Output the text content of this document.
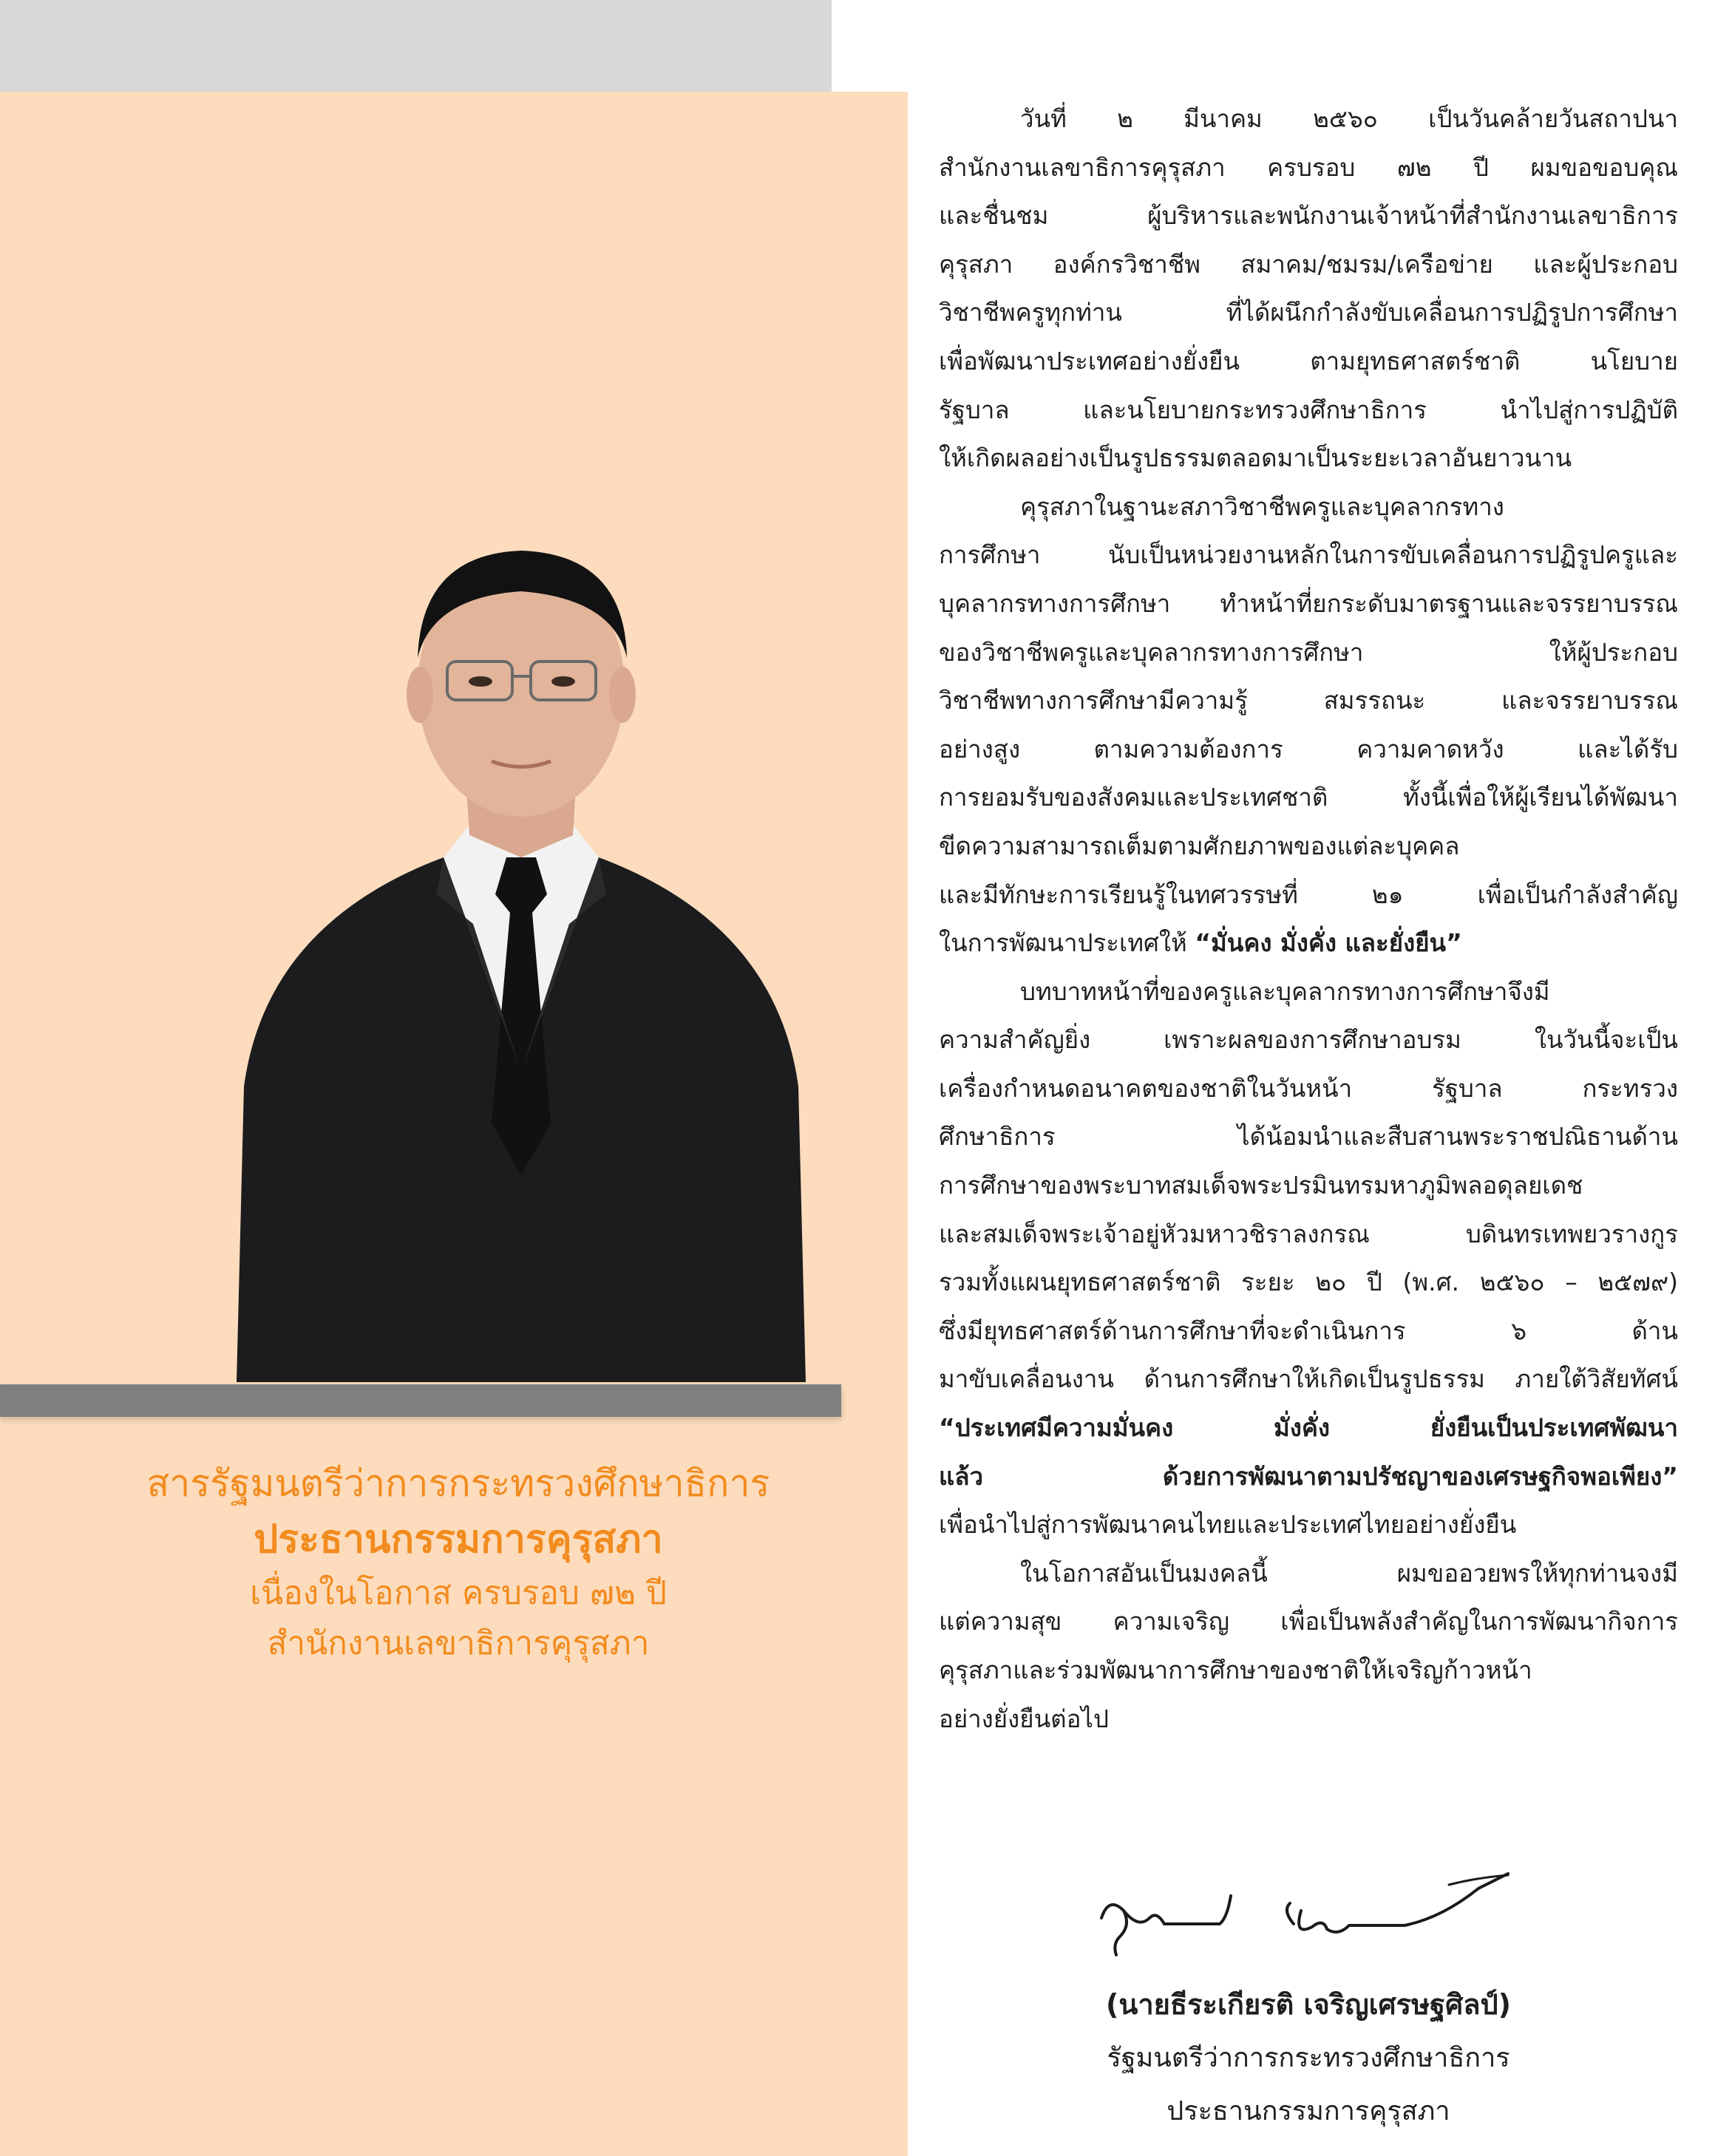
สารรัฐมนตรีว่าการกระทรวงศึกษาธิการ
ประธานกรรมการคุรุสภา
เนื่องในโอกาส ครบรอบ ๗๒ ปี
สำนักงานเลขาธิการคุรุสภา
วันที่ ๒ มีนาคม ๒๕๖๐ เป็นวันคล้ายวันสถาปนา
สำนักงานเลขาธิการคุรุสภา ครบรอบ ๗๒ ปี ผมขอขอบคุณ
และชื่นชม ผู้บริหารและพนักงานเจ้าหน้าที่สำนักงานเลขาธิการ
คุรุสภา องค์กรวิชาชีพ สมาคม/ชมรม/เครือข่าย และผู้ประกอบ
วิชาชีพครูทุกท่าน ที่ได้ผนึกกำลังขับเคลื่อนการปฏิรูปการศึกษา
เพื่อพัฒนาประเทศอย่างยั่งยืน ตามยุทธศาสตร์ชาติ นโยบาย
รัฐบาล และนโยบายกระทรวงศึกษาธิการ นำไปสู่การปฏิบัติ
ให้เกิดผลอย่างเป็นรูปธรรมตลอดมาเป็นระยะเวลาอันยาวนาน
คุรุสภาในฐานะสภาวิชาชีพครูและบุคลากรทาง
การศึกษา นับเป็นหน่วยงานหลักในการขับเคลื่อนการปฏิรูปครูและ
บุคลากรทางการศึกษา ทำหน้าที่ยกระดับมาตรฐานและจรรยาบรรณ
ของวิชาชีพครูและบุคลากรทางการศึกษา ให้ผู้ประกอบ
วิชาชีพทางการศึกษามีความรู้ สมรรถนะ และจรรยาบรรณ
อย่างสูง ตามความต้องการ ความคาดหวัง และได้รับ
การยอมรับของสังคมและประเทศชาติ ทั้งนี้เพื่อให้ผู้เรียนได้พัฒนา
ขีดความสามารถเต็มตามศักยภาพของแต่ละบุคคล
และมีทักษะการเรียนรู้ในทศวรรษที่ ๒๑ เพื่อเป็นกำลังสำคัญ
ในการพัฒนาประเทศให้ “มั่นคง มั่งคั่ง และยั่งยืน”
บทบาทหน้าที่ของครูและบุคลากรทางการศึกษาจึงมี
ความสำคัญยิ่ง เพราะผลของการศึกษาอบรม ในวันนี้จะเป็น
เครื่องกำหนดอนาคตของชาติในวันหน้า รัฐบาล กระทรวง
ศึกษาธิการ ได้น้อมนำและสืบสานพระราชปณิธานด้าน
การศึกษาของพระบาทสมเด็จพระปรมินทรมหาภูมิพลอดุลยเดช
และสมเด็จพระเจ้าอยู่หัวมหาวชิราลงกรณ บดินทรเทพยวรางกูร
รวมทั้งแผนยุทธศาสตร์ชาติ ระยะ ๒๐ ปี (พ.ศ. ๒๕๖๐ – ๒๕๗๙)
ซึ่งมียุทธศาสตร์ด้านการศึกษาที่จะดำเนินการ ๖ ด้าน
มาขับเคลื่อนงาน ด้านการศึกษาให้เกิดเป็นรูปธรรม ภายใต้วิสัยทัศน์
“ประเทศมีความมั่นคง มั่งคั่ง ยั่งยืนเป็นประเทศพัฒนา
แล้ว ด้วยการพัฒนาตามปรัชญาของเศรษฐกิจพอเพียง”
เพื่อนำไปสู่การพัฒนาคนไทยและประเทศไทยอย่างยั่งยืน
ในโอกาสอันเป็นมงคลนี้ ผมขออวยพรให้ทุกท่านจงมี
แต่ความสุข ความเจริญ เพื่อเป็นพลังสำคัญในการพัฒนากิจการ
คุรุสภาและร่วมพัฒนาการศึกษาของชาติให้เจริญก้าวหน้า
อย่างยั่งยืนต่อไป
(นายธีระเกียรติ เจริญเศรษฐศิลป์)
รัฐมนตรีว่าการกระทรวงศึกษาธิการ
ประธานกรรมการคุรุสภา
